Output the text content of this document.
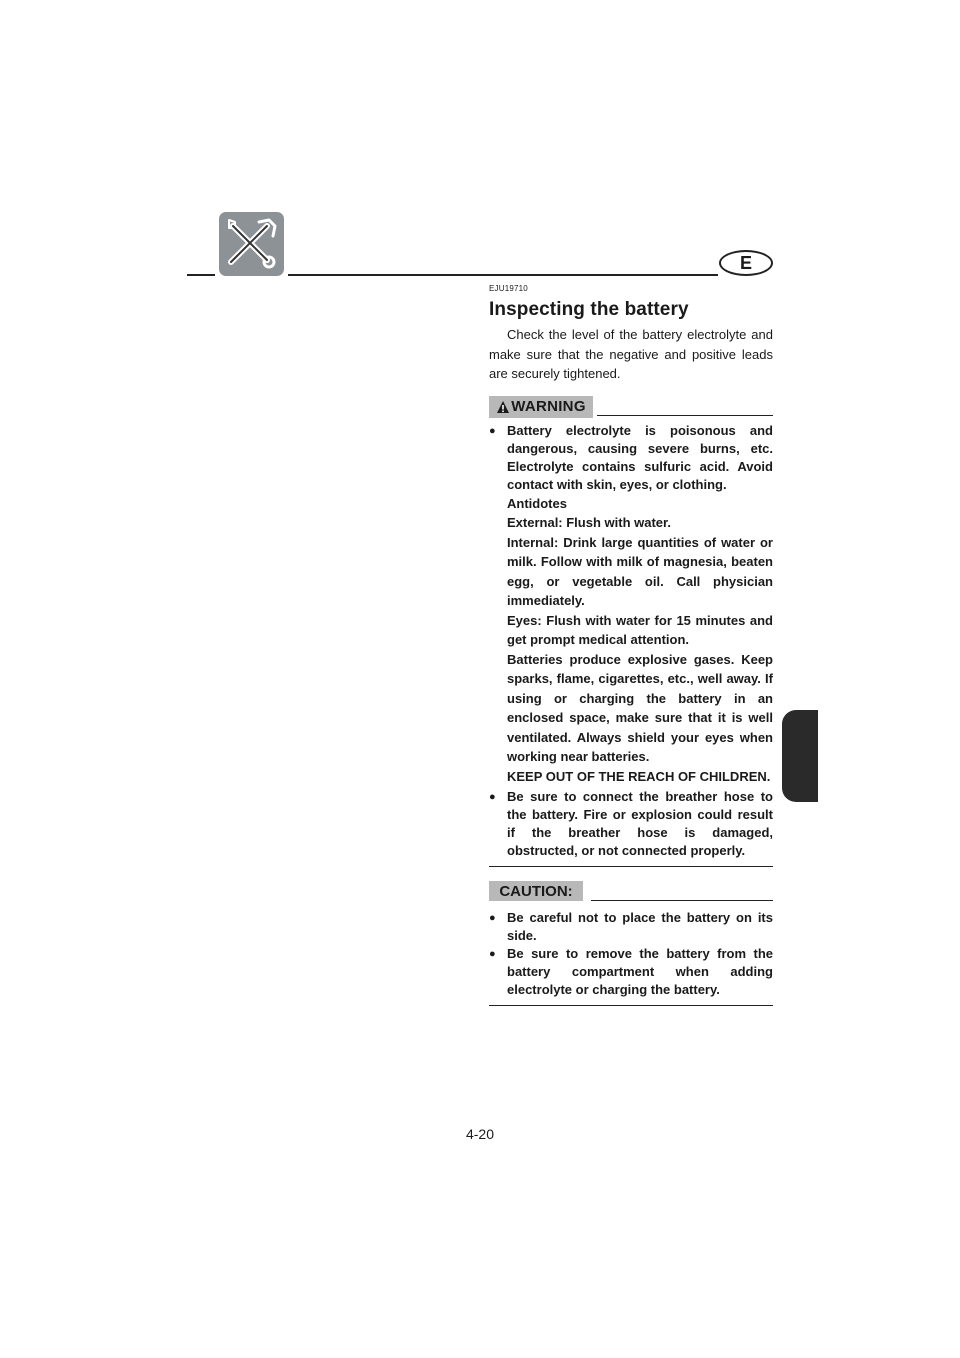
E
EJU19710
Inspecting the battery

Check the level of the battery electrolyte and make sure that the negative and positive leads are securely tightened.

WARNING
● Battery electrolyte is poisonous and dangerous, causing severe burns, etc. Electrolyte contains sulfuric acid. Avoid contact with skin, eyes, or clothing.
Antidotes
External: Flush with water.
Internal: Drink large quantities of water or milk. Follow with milk of magnesia, beaten egg, or vegetable oil. Call physician immediately.
Eyes: Flush with water for 15 minutes and get prompt medical attention.
Batteries produce explosive gases. Keep sparks, flame, cigarettes, etc., well away. If using or charging the battery in an enclosed space, make sure that it is well ventilated. Always shield your eyes when working near batteries.
KEEP OUT OF THE REACH OF CHILDREN.
● Be sure to connect the breather hose to the battery. Fire or explosion could result if the breather hose is damaged, obstructed, or not connected properly.
CAUTION:
● Be careful not to place the battery on its side.
● Be sure to remove the battery from the battery compartment when adding electrolyte or charging the battery.
4-20
